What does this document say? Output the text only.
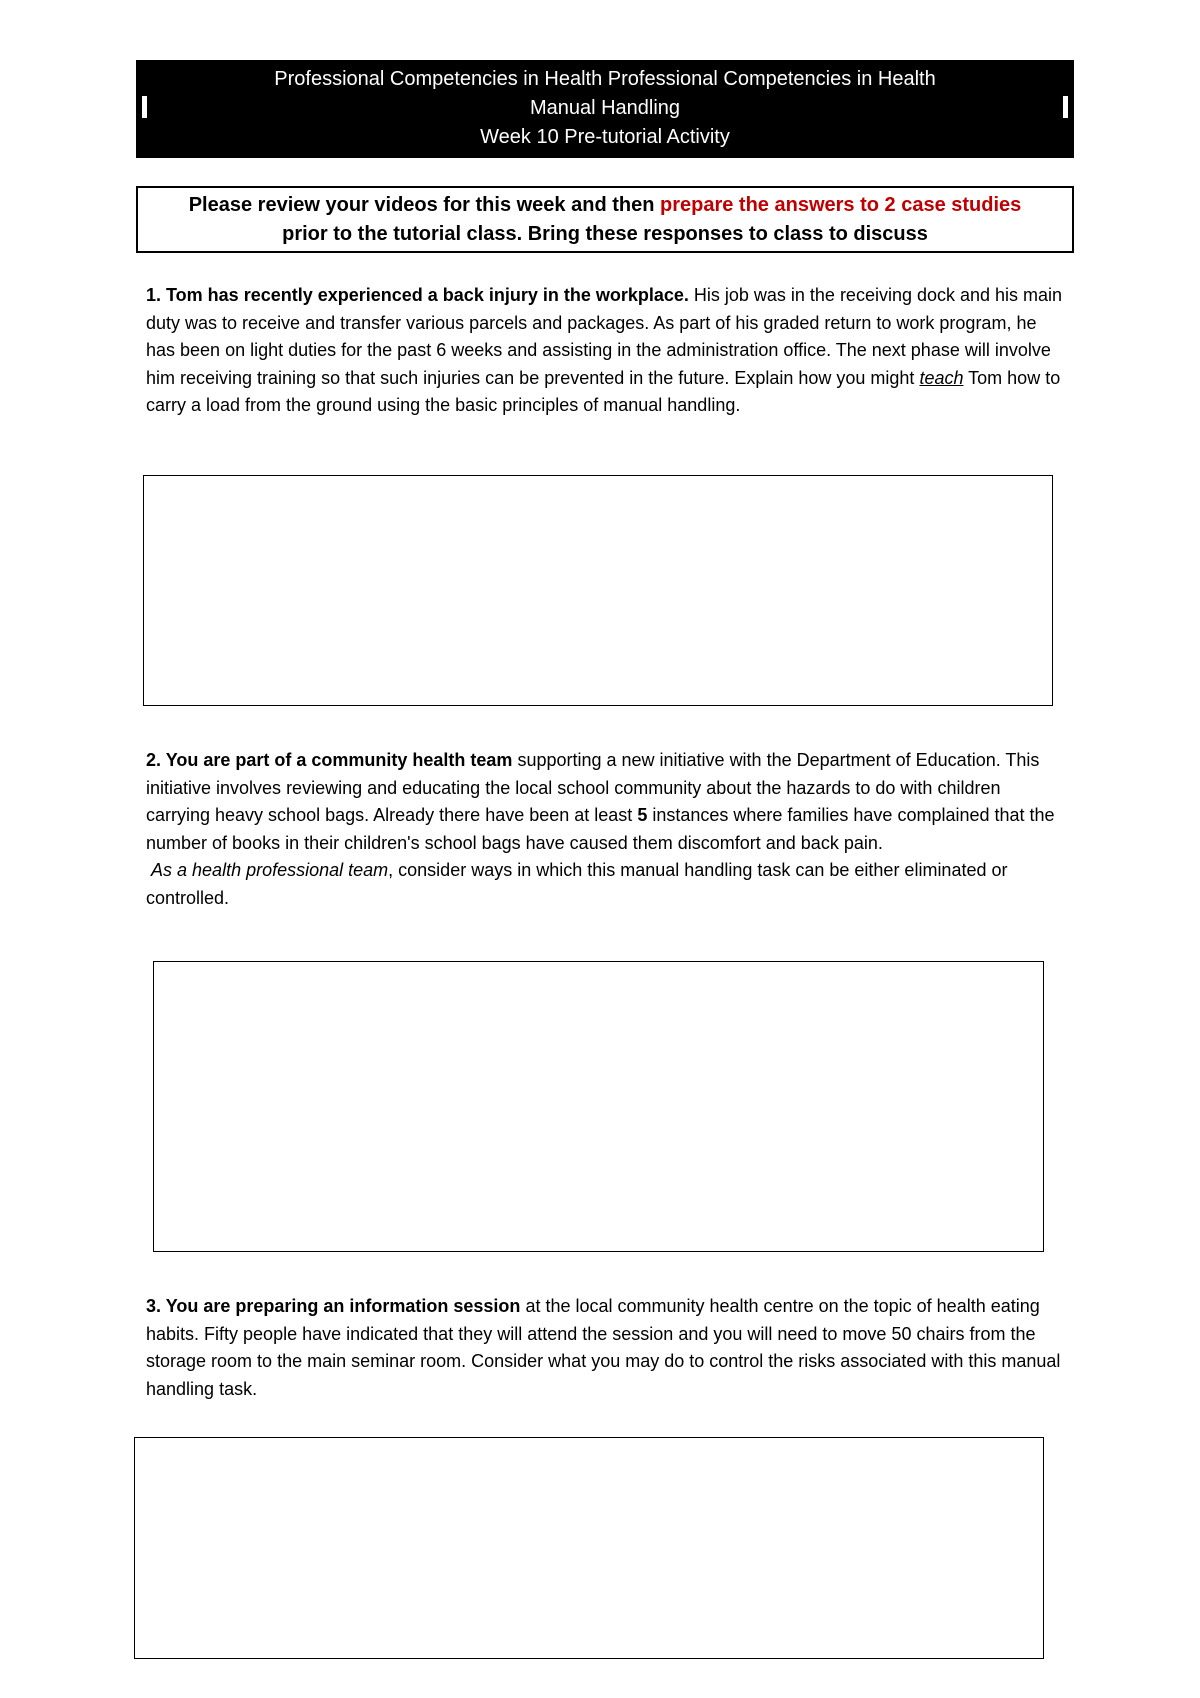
Professional Competencies in Health Professional Competencies in Health
Manual Handling
Week 10 Pre-tutorial Activity
Please review your videos for this week and then prepare the answers to 2 case studies
prior to the tutorial class. Bring these responses to class to discuss
1. Tom has recently experienced a back injury in the workplace. His job was in the receiving dock and his main duty was to receive and transfer various parcels and packages. As part of his graded return to work program, he has been on light duties for the past 6 weeks and assisting in the administration office. The next phase will involve him receiving training so that such injuries can be prevented in the future. Explain how you might teach Tom how to carry a load from the ground using the basic principles of manual handling.
2. You are part of a community health team supporting a new initiative with the Department of Education. This initiative involves reviewing and educating the local school community about the hazards to do with children carrying heavy school bags. Already there have been at least 5 instances where families have complained that the number of books in their children's school bags have caused them discomfort and back pain.
As a health professional team, consider ways in which this manual handling task can be either eliminated or controlled.
3. You are preparing an information session at the local community health centre on the topic of health eating habits. Fifty people have indicated that they will attend the session and you will need to move 50 chairs from the storage room to the main seminar room. Consider what you may do to control the risks associated with this manual handling task.
